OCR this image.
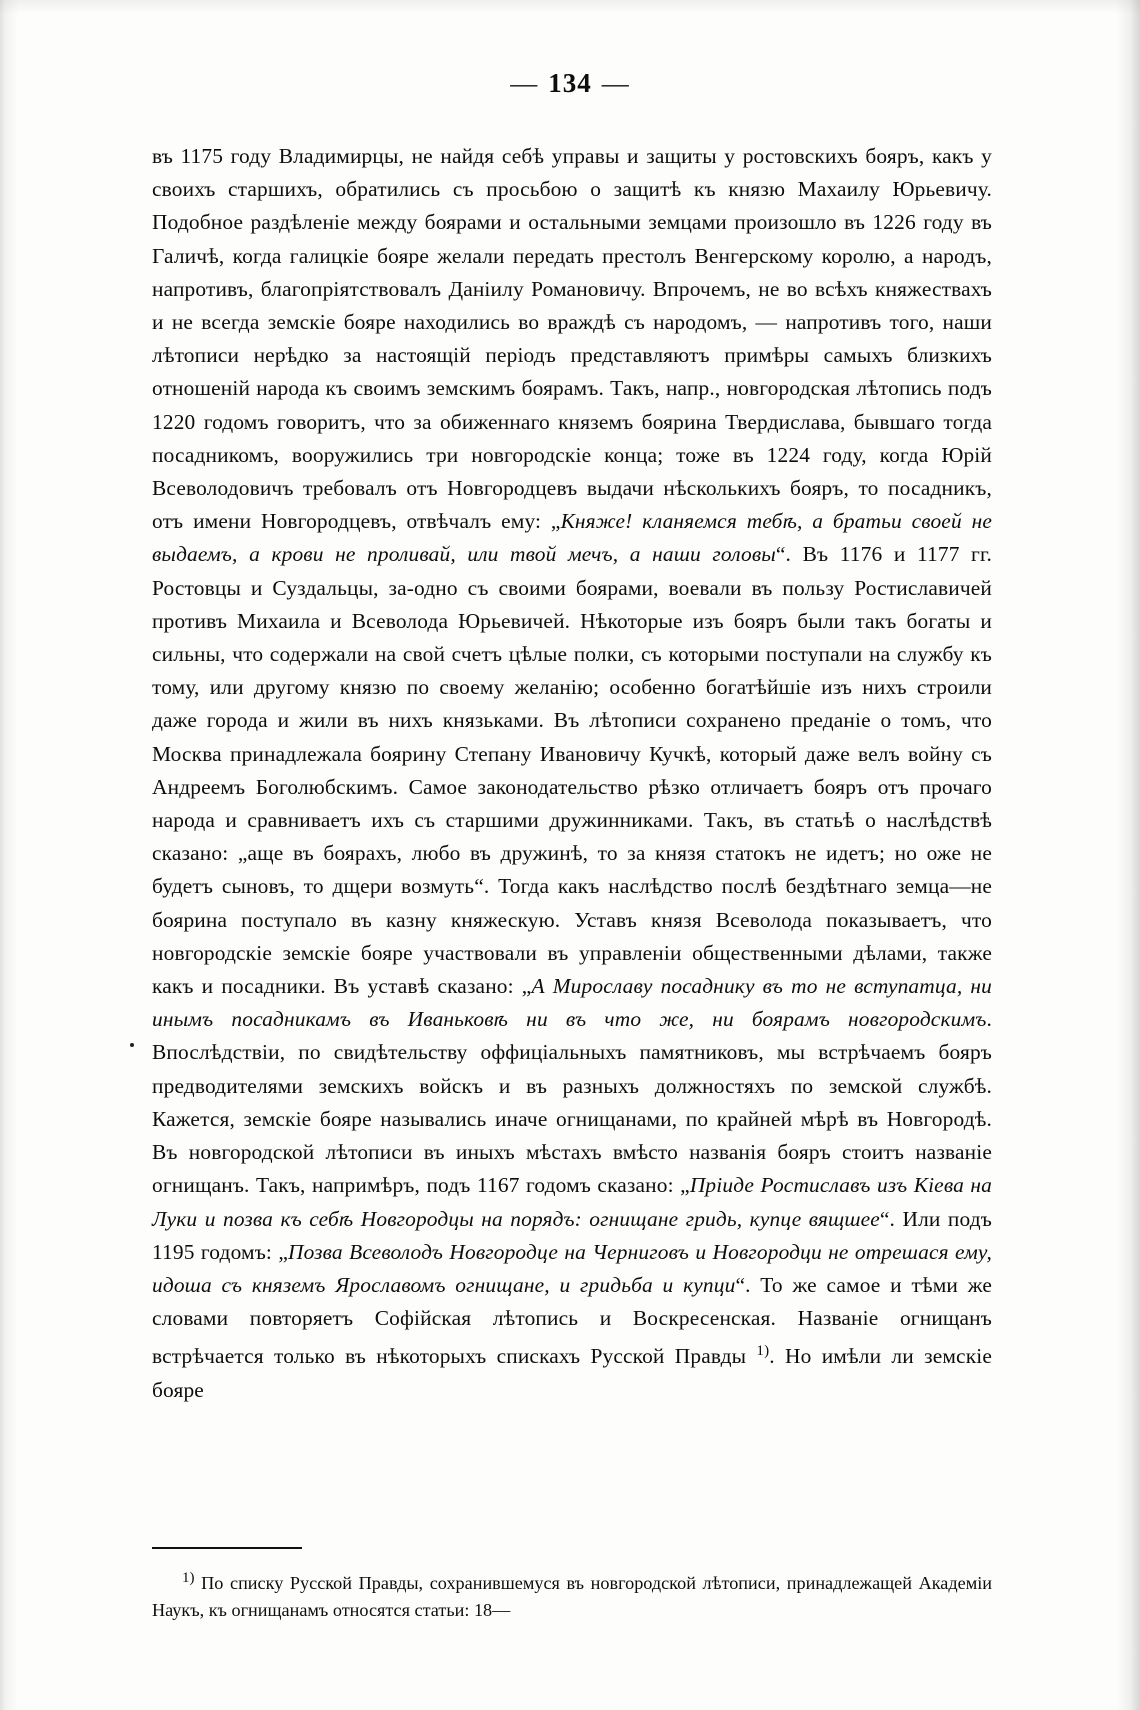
— 134 —

въ 1175 году Владимирцы, не найдя себѣ управы и защиты у ростовскихъ бояръ, какъ у своихъ старшихъ, обратились съ просьбою о защитѣ къ князю Махаилу Юрьевичу. Подобное раздѣленіе между боярами и остальными земцами произошло въ 1226 году въ Галичѣ, когда галицкіе бояре желали передать престолъ Венгерскому королю, а народъ, напротивъ, благопріятствовалъ Даніилу Романовичу. Впрочемъ, не во всѣхъ княжествахъ и не всегда земскіе бояре находились во враждѣ съ народомъ, — напротивъ того, наши лѣтописи нерѣдко за настоящій періодъ представляютъ примѣры самыхъ близкихъ отношеній народа къ своимъ земскимъ боярамъ. Такъ, напр., новгородская лѣтопись подъ 1220 годомъ говоритъ, что за обиженнаго княземъ боярина Твердислава, бывшаго тогда посадникомъ, вооружились три новгородскіе конца; тоже въ 1224 году, когда Юрій Всеволодовичъ требовалъ отъ Новгородцевъ выдачи нѣсколькихъ бояръ, то посадникъ, отъ имени Новгородцевъ, отвѣчалъ ему: „Княже! кланяемся тебѣ, а братьи своей не выдаемъ, а крови не проливай, или твой мечъ, а наши головы“. Въ 1176 и 1177 гг. Ростовцы и Суздальцы, за-одно съ своими боярами, воевали въ пользу Ростиславичей противъ Михаила и Всеволода Юрьевичей. Нѣкоторые изъ бояръ были такъ богаты и сильны, что содержали на свой счетъ цѣлые полки, съ которыми поступали на службу къ тому, или другому князю по своему желанію; особенно богатѣйшіе изъ нихъ строили даже города и жили въ нихъ князьками. Въ лѣтописи сохранено преданіе о томъ, что Москва принадлежала боярину Степану Ивановичу Кучкѣ, который даже велъ войну съ Андреемъ Боголюбскимъ. Самое законодательство рѣзко отличаетъ бояръ отъ прочаго народа и сравниваетъ ихъ съ старшими дружинниками. Такъ, въ статьѣ о наслѣдствѣ сказано: „аще въ боярахъ, любо въ дружинѣ, то за князя статокъ не идетъ; но оже не будетъ сыновъ, то дщери возмуть“. Тогда какъ наслѣдство послѣ бездѣтнаго земца—не боярина поступало въ казну княжескую. Уставъ князя Всеволода показываетъ, что новгородскіе земскіе бояре участвовали въ управленіи общественными дѣлами, также какъ и посадники. Въ уставѣ сказано: „А Мирославу посаднику въ то не вступатца, ни инымъ посадникамъ въ Иваньковѣ ни въ что же, ни боярамъ новгородскимъ. Впослѣдствіи, по свидѣтельству оффиціальныхъ памятниковъ, мы встрѣчаемъ бояръ предводителями земскихъ войскъ и въ разныхъ должностяхъ по земской службѣ. Кажется, земскіе бояре назывались иначе огнищанами, по крайней мѣрѣ въ Новгородѣ. Въ новгородской лѣтописи въ иныхъ мѣстахъ вмѣсто названія бояръ стоитъ названіе огнищанъ. Такъ, напримѣръ, подъ 1167 годомъ сказано: „Пріиде Ростиславъ изъ Кіева на Луки и позва къ себѣ Новгородцы на порядъ: огнищане гридь, купце вящшее“. Или подъ 1195 годомъ: „Позва Всеволодъ Новгородце на Черниговъ и Новгородци не отрешася ему, идоша съ княземъ Ярославомъ огнищане, и гридьба и купци“. То же самое и тѣми же словами повторяетъ Софійская лѣтопись и Воскресенская. Названіе огнищанъ встрѣчается только въ нѣкоторыхъ спискахъ Русской Правды $^{1)}$. Но имѣли ли земскіе бояре

$^{1)}$ По списку Русской Правды, сохранившемуся въ новгородской лѣтописи, принадлежащей Академіи Наукъ, къ огнищанамъ относятся статьи: 18—
